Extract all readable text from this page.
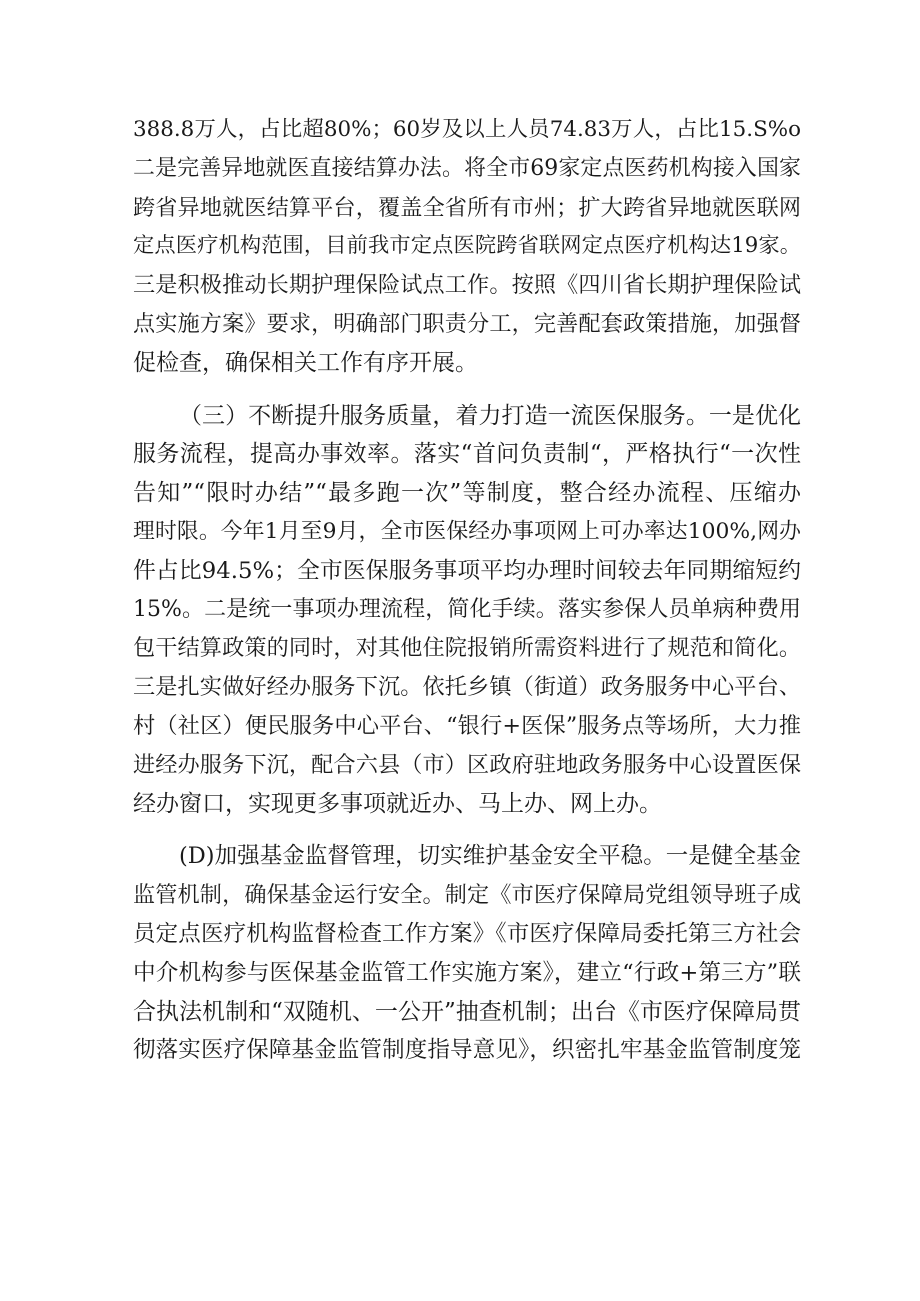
388.8万人，占比超80%；60岁及以上人员74.83万人，占比15.S%o
二是完善异地就医直接结算办法。将全市69家定点医药机构接入国家
跨省异地就医结算平台，覆盖全省所有市州；扩大跨省异地就医联网
定点医疗机构范围，目前我市定点医院跨省联网定点医疗机构达19家。
三是积极推动长期护理保险试点工作。按照《四川省长期护理保险试
点实施方案》要求，明确部门职责分工，完善配套政策措施，加强督
促检查，确保相关工作有序开展。
（三）不断提升服务质量，着力打造一流医保服务。一是优化
服务流程，提高办事效率。落实“首问负责制“，严格执行“一次性
告知”“限时办结”“最多跑一次”等制度，整合经办流程、压缩办
理时限。今年1月至9月，全市医保经办事项网上可办率达100%,网办
件占比94.5%；全市医保服务事项平均办理时间较去年同期缩短约
15%。二是统一事项办理流程，简化手续。落实参保人员单病种费用
包干结算政策的同时，对其他住院报销所需资料进行了规范和简化。
三是扎实做好经办服务下沉。依托乡镇（街道）政务服务中心平台、
村（社区）便民服务中心平台、“银行+医保”服务点等场所，大力推
进经办服务下沉，配合六县（市）区政府驻地政务服务中心设置医保
经办窗口，实现更多事项就近办、马上办、网上办。
(D)加强基金监督管理，切实维护基金安全平稳。一是健全基金
监管机制，确保基金运行安全。制定《市医疗保障局党组领导班子成
员定点医疗机构监督检查工作方案》《市医疗保障局委托第三方社会
中介机构参与医保基金监管工作实施方案》，建立“行政+第三方”联
合执法机制和“双随机、一公开”抽查机制；出台《市医疗保障局贯
彻落实医疗保障基金监管制度指导意见》，织密扎牢基金监管制度笼
